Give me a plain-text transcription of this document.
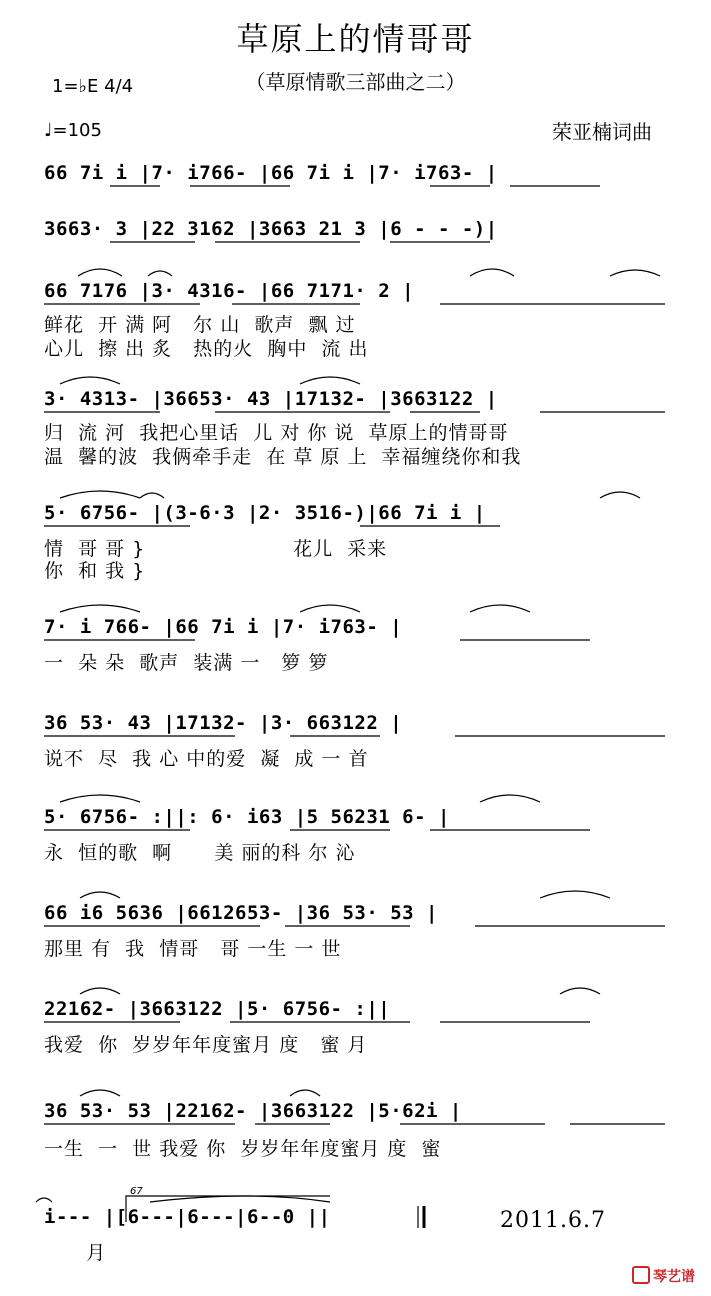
草原上的情哥哥
（草原情歌三部曲之二）
1=♭E 4/4
♩=105	荣亚楠词曲
66 7i i |7· i766- |66 7i i |7· i763- |
3663· 3 |22 3162 |3663 21 3 |6 - - -)|
66 7176 |3· 4316- |66 7171· 2 |
鲜花  开 满 阿   尔 山  歌声  飘 过
心儿  擦 出 炙   热的火  胸中  流 出
3· 4313- |36653· 43 |17132- |3663122 |
归  流 河  我把心里话  儿 对 你 说  草原上的情哥哥
温  馨的波  我俩牵手走  在 草 原 上  幸福缠绕你和我
5· 6756- |(3-6·3 |2· 3516-)|66 7i i |
情  哥 哥 }                     花儿  采来
你  和 我 }
7· i 766- |66 7i i |7· i763- |
一  朵 朵  歌声  装满 一   箩 箩
36 53· 43 |17132- |3· 663122 |
说不  尽  我 心 中的爱  凝  成 一 首
5· 6756- :||: 6· i63 |5 56231 6- |
永  恒的歌  啊      美 丽的科 尔 沁
66 i6 5636 |6612653- |36 53· 53 |
那里 有  我  情哥   哥 一生 一 世
22162- |3663122 |5· 6756- :||
我爱  你  岁岁年年度蜜月 度   蜜 月
36 53· 53 |22162- |3663122 |5·62i |
一生  一  世 我爱 你  岁岁年年度蜜月 度  蜜
67
i--- |[6---|6---|6--0 ||
月
2011.6.7
琴艺谱
